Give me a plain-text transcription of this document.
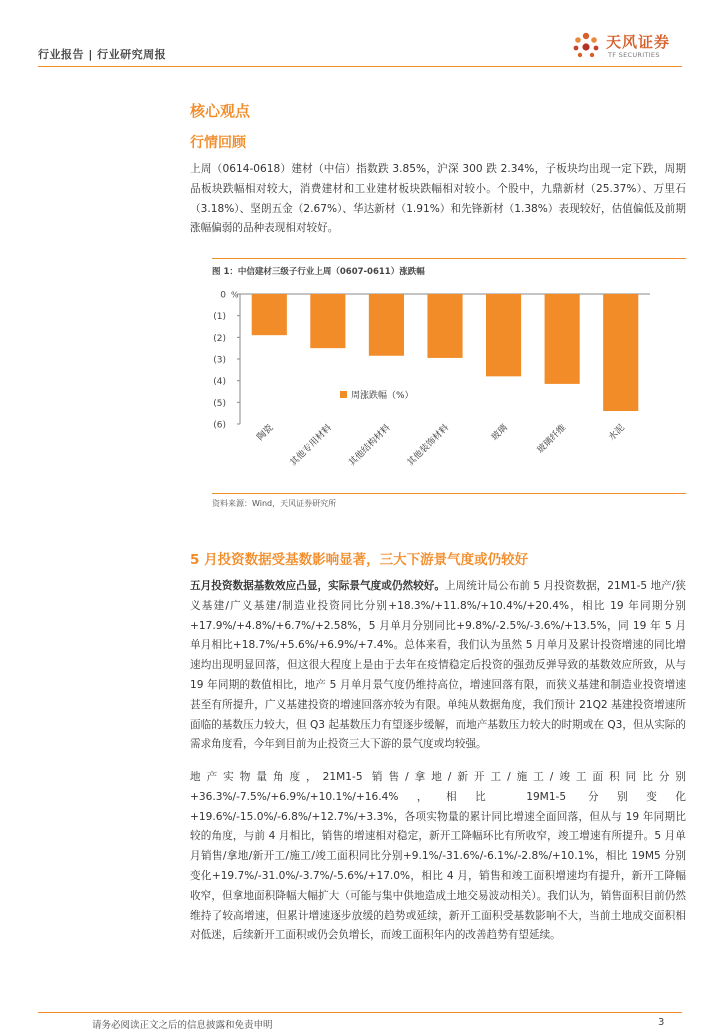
行业报告 | 行业研究周报
天风证券
TF SECURITIES
核心观点
行情回顾
上周（0614-0618）建材（中信）指数跌 3.85%，沪深 300 跌 2.34%，子板块均出现一定下跌，周期品板块跌幅相对较大，消费建材和工业建材板块跌幅相对较小。个股中，九鼎新材（25.37%）、万里石（3.18%）、坚朗五金（2.67%）、华达新材（1.91%）和先锋新材（1.38%）表现较好，估值偏低及前期涨幅偏弱的品种表现相对较好。
图 1：中信建材三级子行业上周（0607-0611）涨跌幅
0
(1)
(2)
(3)
(4)
(5)
(6)
%
陶瓷 其他专用材料 其他结构材料 其他装饰材料	玻璃	玻璃纤维	水泥
周涨跌幅（%）
资料来源：Wind，天风证券研究所
5 月投资数据受基数影响显著，三大下游景气度或仍较好
五月投资数据基数效应凸显，实际景气度或仍然较好。上周统计局公布前 5 月投资数据，21M1-5 地产/狭义基建/广义基建/制造业投资同比分别+18.3%/+11.8%/+10.4%/+20.4%，相比 19 年同期分别+17.9%/+4.8%/+6.7%/+2.58%，5 月单月分别同比+9.8%/-2.5%/-3.6%/+13.5%，同 19 年 5 月单月相比+18.7%/+5.6%/+6.9%/+7.4%。总体来看，我们认为虽然 5 月单月及累计投资增速的同比增速均出现明显回落，但这很大程度上是由于去年在疫情稳定后投资的强劲反弹导致的基数效应所致，从与 19 年同期的数值相比，地产 5 月单月景气度仍维持高位，增速回落有限，而狭义基建和制造业投资增速甚至有所提升，广义基建投资的增速回落亦较为有限。单纯从数据角度，我们预计 21Q2 基建投资增速所面临的基数压力较大，但 Q3 起基数压力有望逐步缓解，而地产基数压力较大的时期或在 Q3，但从实际的需求角度看，今年到目前为止投资三大下游的景气度或均较强。
地产实物量角度，21M1-5 销售/拿地/新开工/施工/竣工面积同比分别+36.3%/-7.5%/+6.9%/+10.1%/+16.4%，相比 19M1-5 分别变化+19.6%/-15.0%/-6.8%/+12.7%/+3.3%，各项实物量的累计同比增速全面回落，但从与 19 年同期比较的角度，与前 4 月相比，销售的增速相对稳定，新开工降幅环比有所收窄，竣工增速有所提升。5 月单月销售/拿地/新开工/施工/竣工面积同比分别+9.1%/-31.6%/-6.1%/-2.8%/+10.1%，相比 19M5 分别变化+19.7%/-31.0%/-3.7%/-5.6%/+17.0%，相比 4 月，销售和竣工面积增速均有提升，新开工降幅收窄，但拿地面积降幅大幅扩大（可能与集中供地造成土地交易波动相关）。我们认为，销售面积目前仍然维持了较高增速，但累计增速逐步放缓的趋势或延续，新开工面积受基数影响不大，当前土地成交面积相对低迷，后续新开工面积或仍会负增长，而竣工面积年内的改善趋势有望延续。
请务必阅读正文之后的信息披露和免责申明	3
